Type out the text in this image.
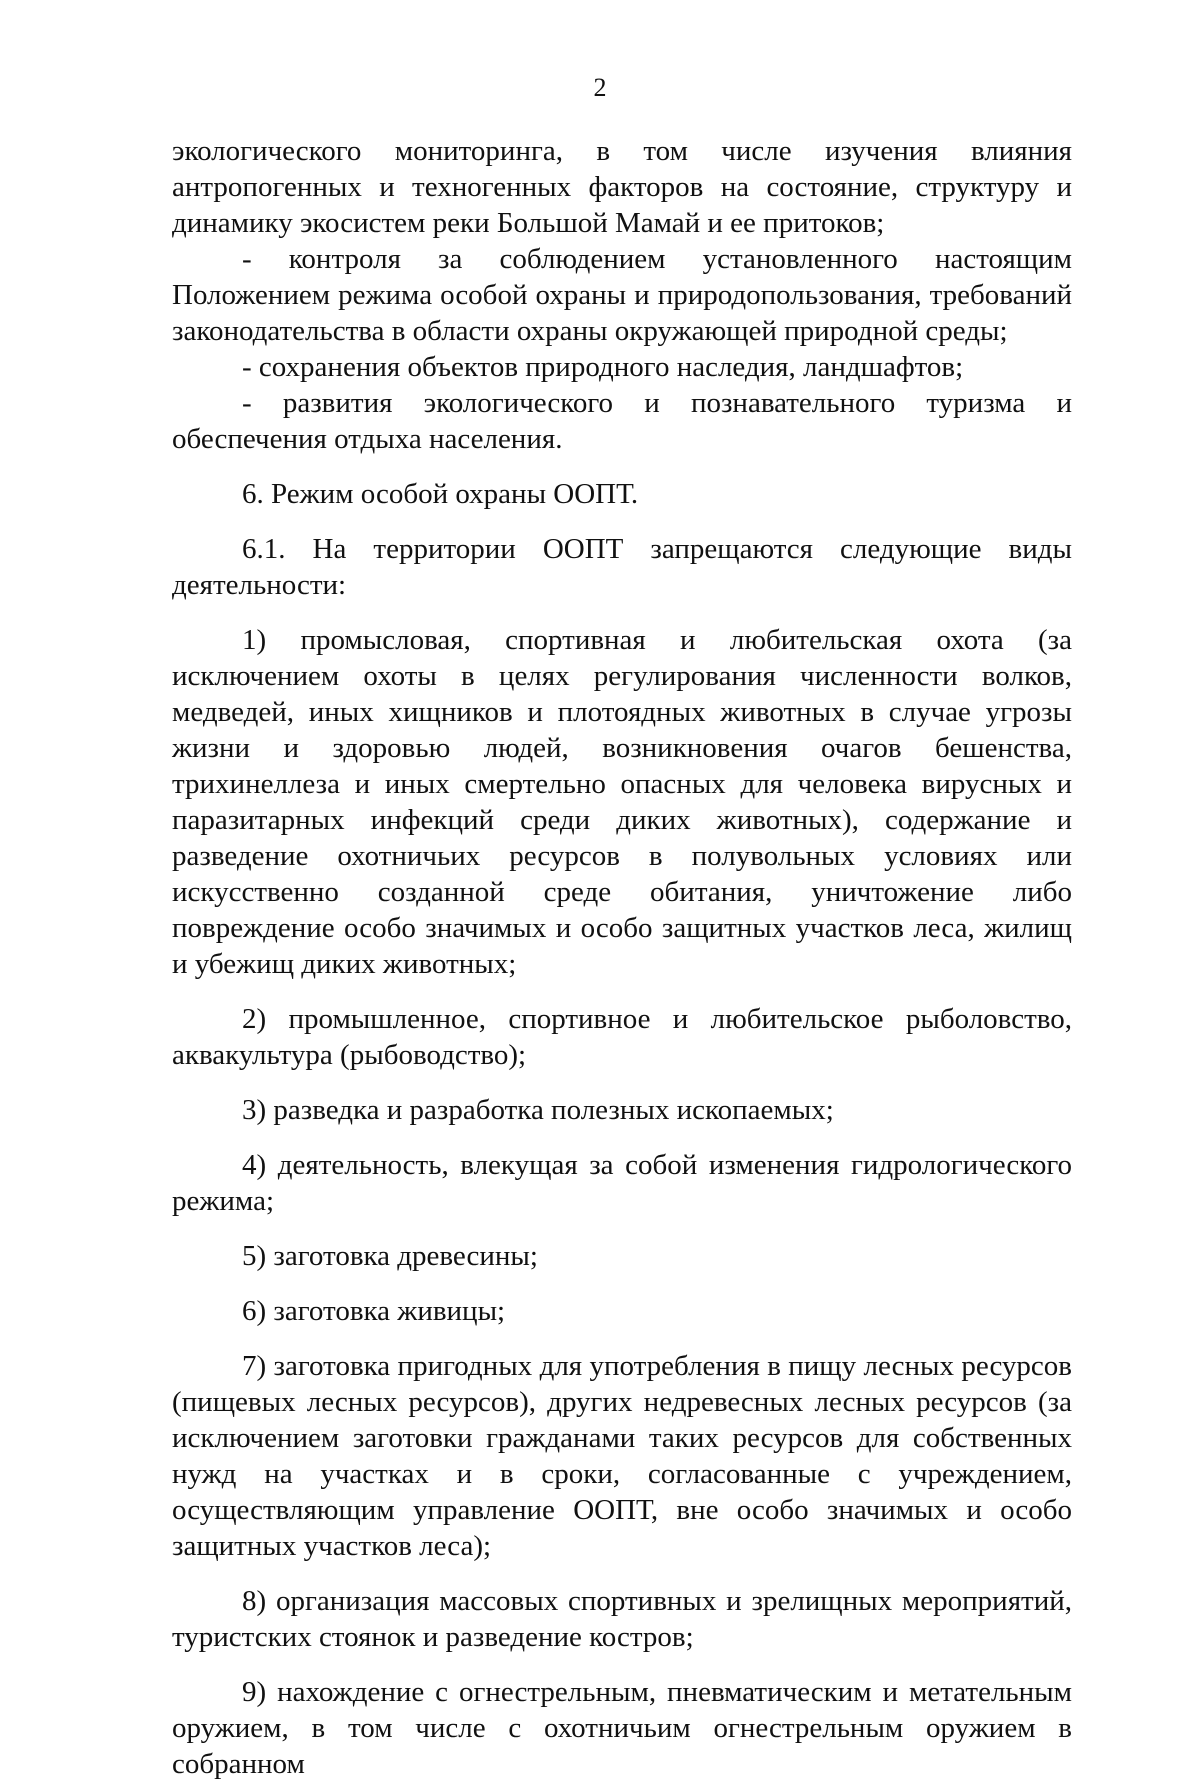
2

экологического мониторинга, в том числе изучения влияния антропогенных и техногенных факторов на состояние, структуру и динамику экосистем реки Большой Мамай и ее притоков;

- контроля за соблюдением установленного настоящим Положением режима особой охраны и природопользования, требований законодательства в области охраны окружающей природной среды;

- сохранения объектов природного наследия, ландшафтов;

- развития экологического и познавательного туризма и обеспечения отдыха населения.

6. Режим особой охраны ООПТ.

6.1. На территории ООПТ запрещаются следующие виды деятельности:

1) промысловая, спортивная и любительская охота (за исключением охоты в целях регулирования численности волков, медведей, иных хищников и плотоядных животных в случае угрозы жизни и здоровью людей, возникновения очагов бешенства, трихинеллеза и иных смертельно опасных для человека вирусных и паразитарных инфекций среди диких животных), содержание и разведение охотничьих ресурсов в полувольных условиях или искусственно созданной среде обитания, уничтожение либо повреждение особо значимых и особо защитных участков леса, жилищ и убежищ диких животных;

2) промышленное, спортивное и любительское рыболовство, аквакультура (рыбоводство);

3) разведка и разработка полезных ископаемых;

4) деятельность, влекущая за собой изменения гидрологического режима;

5) заготовка древесины;

6) заготовка живицы;

7) заготовка пригодных для употребления в пищу лесных ресурсов (пищевых лесных ресурсов), других недревесных лесных ресурсов (за исключением заготовки гражданами таких ресурсов для собственных нужд на участках и в сроки, согласованные с учреждением, осуществляющим управление ООПТ, вне особо значимых и особо защитных участков леса);

8) организация массовых спортивных и зрелищных мероприятий, туристских стоянок и разведение костров;

9) нахождение с огнестрельным, пневматическим и метательным оружием, в том числе с охотничьим огнестрельным оружием в собранном
